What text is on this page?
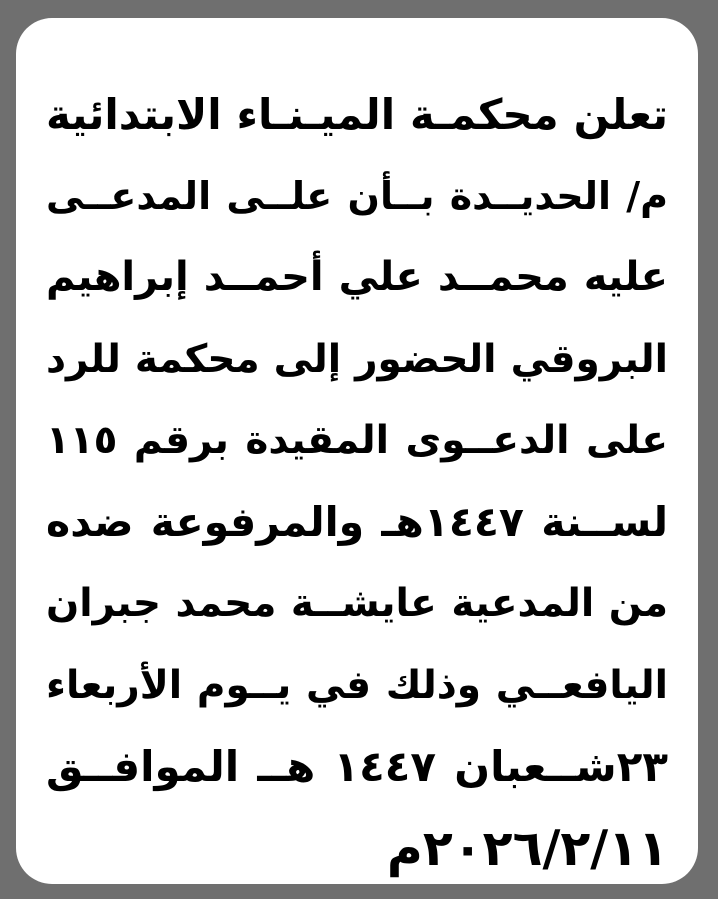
تعلن محكمـة الميـنـاء الابتدائية
م/ الحديــدة بــأن علــى المدعــى
عليه محمــد علي أحمــد إبراهيم
البروقي الحضور إلى محكمة للرد
على الدعــوى المقيدة برقم ١١٥
لســنة ١٤٤٧هـ والمرفوعة ضده
من المدعية عايشــة محمد جبران
اليافعــي وذلك في يــوم الأربعاء
٢٣شــعبان ١٤٤٧ هــ الموافــق
٢٠٢٦/٢/١١م
